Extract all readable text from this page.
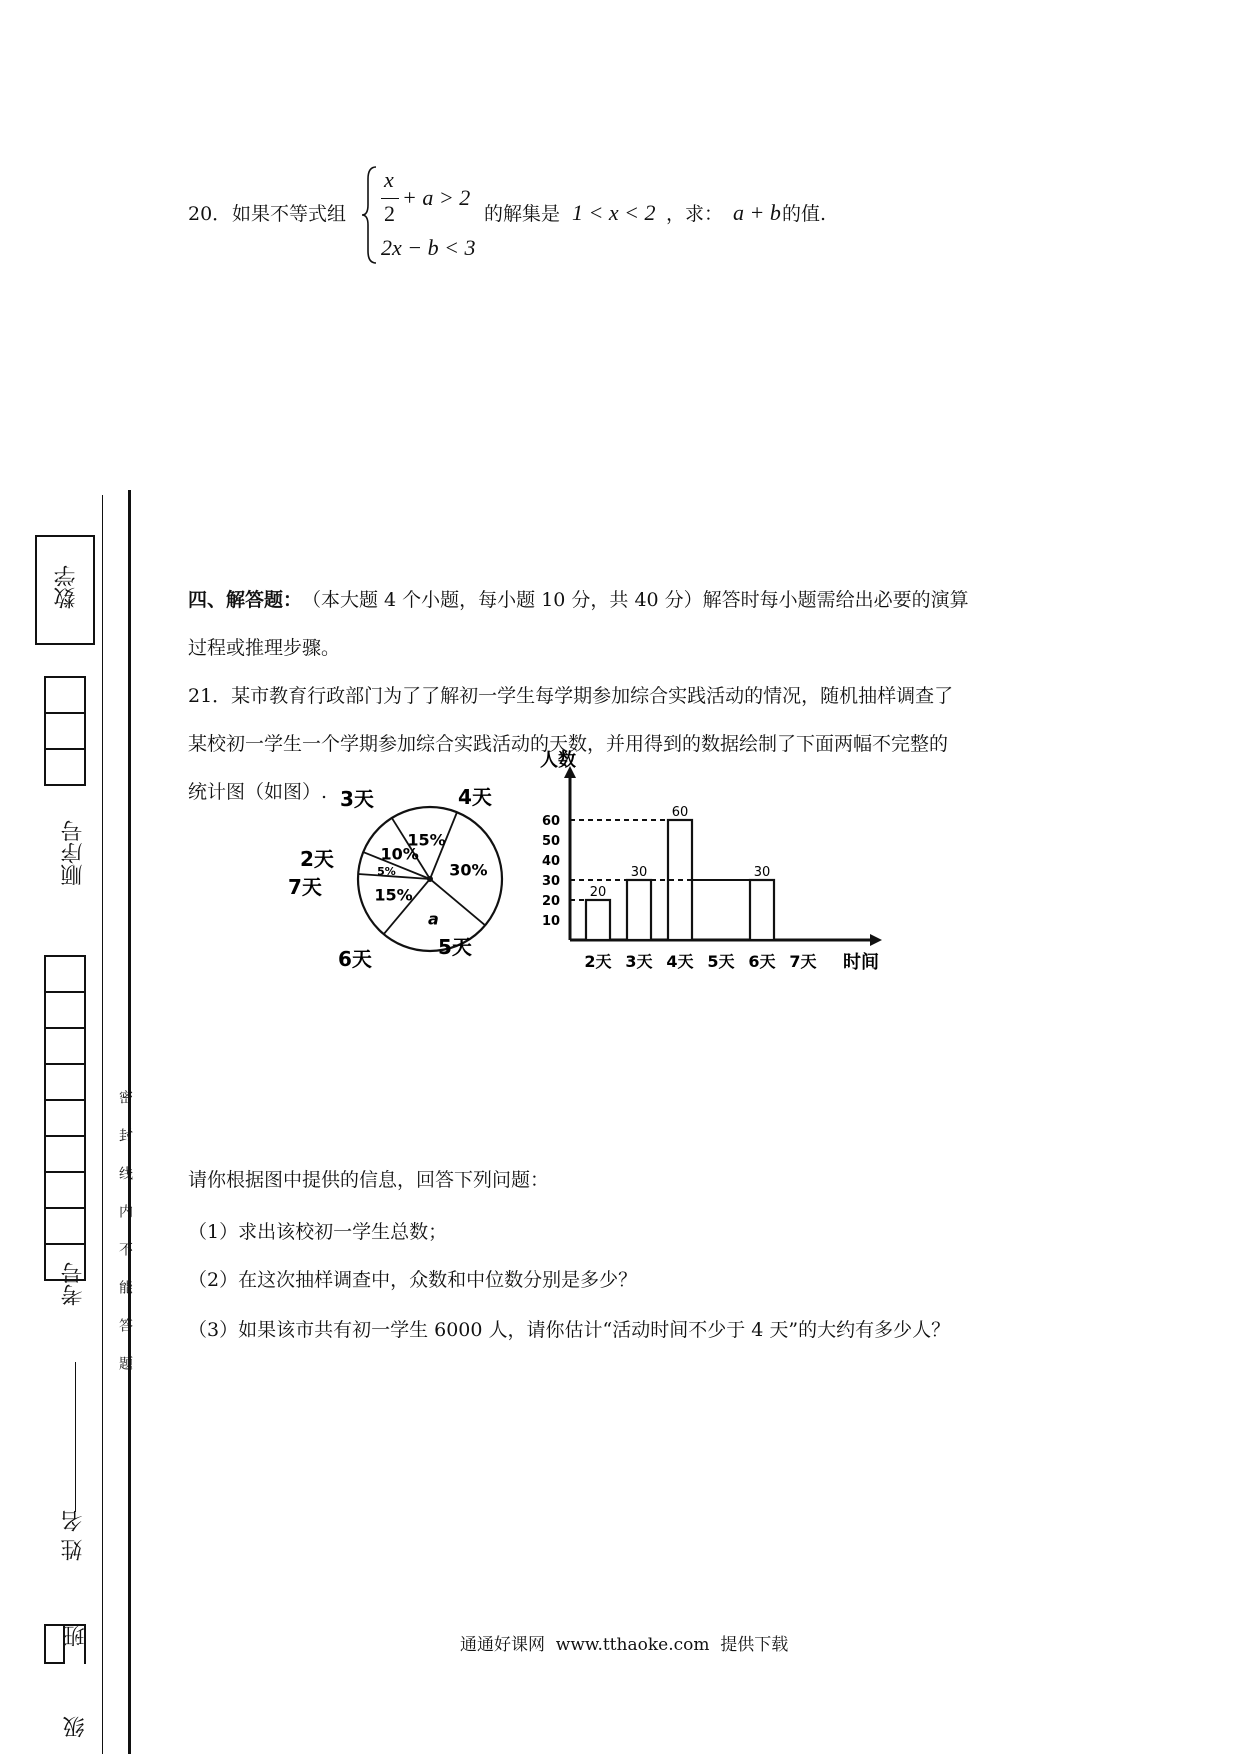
数学
顺序号
考号
姓 名
班
级
密封线内不能答题
20． 如果不等式组
x
2
+ a > 2
2x − b < 3
的解集是 1 < x < 2 ，求： a + b 的值.
四、解答题： （本大题 4 个小题，每小题 10 分，共 40 分）解答时每小题需给出必要的演算
过程或推理步骤。
21．某市教育行政部门为了了解初一学生每学期参加综合实践活动的情况，随机抽样调查了
某校初一学生一个学期参加综合实践活动的天数，并用得到的数据绘制了下面两幅不完整的
统计图（如图）.
30%
a
15%
5%
10%
15%
3天	4天
2天
7天
6天	5天
人数
时间
10
20
30
40
50
60
20
2天
30
3天
60
4天 5天
30
6天 7天
请你根据图中提供的信息，回答下列问题：
（1）求出该校初一学生总数；
（2）在这次抽样调查中，众数和中位数分别是多少？
（3）如果该市共有初一学生 6000 人，请你估计“活动时间不少于 4 天”的大约有多少人？
通通好课网  www.tthaoke.com  提供下载
